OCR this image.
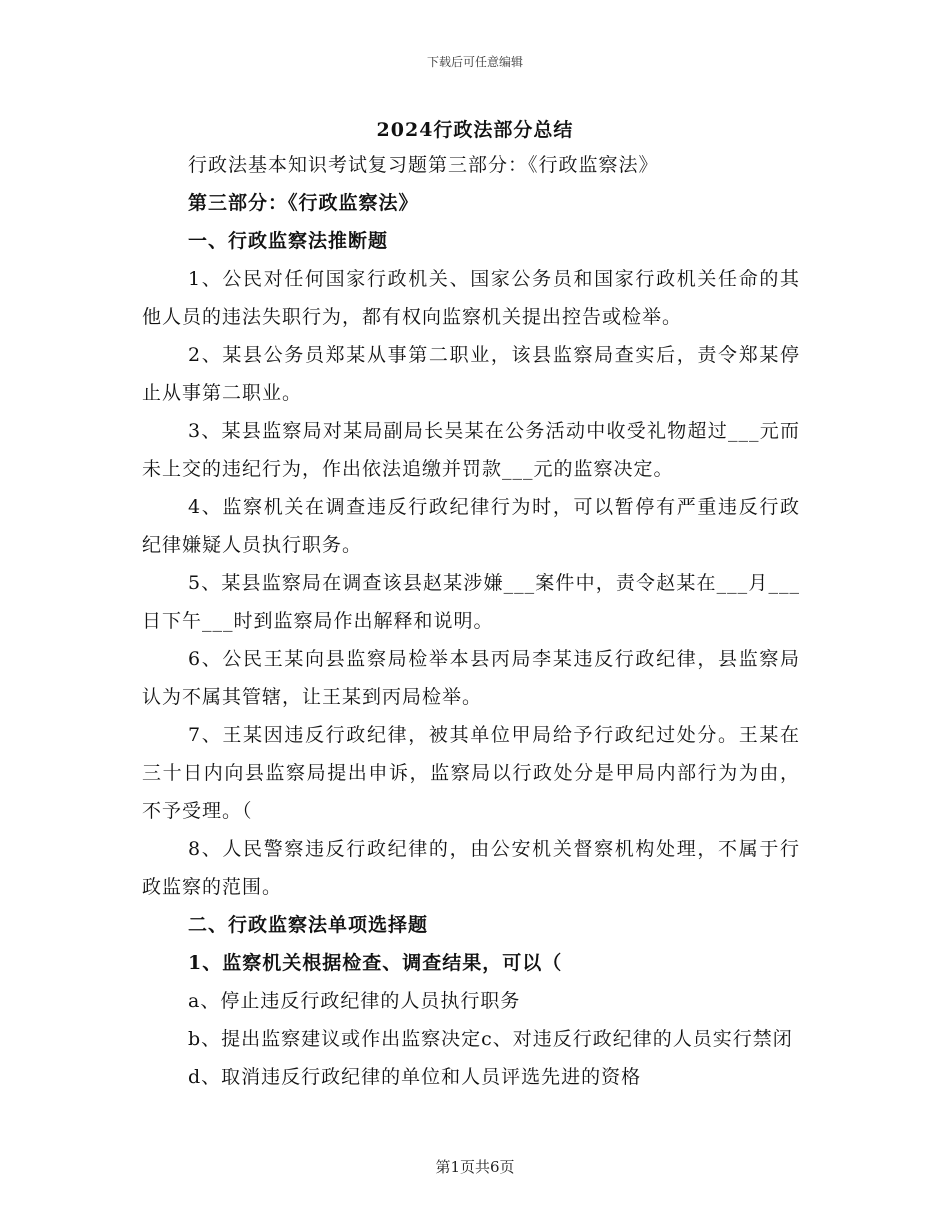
下载后可任意编辑
2024行政法部分总结

行政法基本知识考试复习题第三部分：《行政监察法》

第三部分：《行政监察法》

一、行政监察法推断题

1、公民对任何国家行政机关、国家公务员和国家行政机关任命的其他人员的违法失职行为，都有权向监察机关提出控告或检举。

2、某县公务员郑某从事第二职业，该县监察局查实后，责令郑某停止从事第二职业。

3、某县监察局对某局副局长吴某在公务活动中收受礼物超过___元而未上交的违纪行为，作出依法追缴并罚款___元的监察决定。

4、监察机关在调查违反行政纪律行为时，可以暂停有严重违反行政纪律嫌疑人员执行职务。

5、某县监察局在调查该县赵某涉嫌___案件中，责令赵某在___月___日下午___时到监察局作出解释和说明。

6、公民王某向县监察局检举本县丙局李某违反行政纪律，县监察局认为不属其管辖，让王某到丙局检举。

7、王某因违反行政纪律，被其单位甲局给予行政纪过处分。王某在三十日内向县监察局提出申诉，监察局以行政处分是甲局内部行为为由，不予受理。（

8、人民警察违反行政纪律的，由公安机关督察机构处理，不属于行政监察的范围。

二、行政监察法单项选择题

1、监察机关根据检查、调查结果，可以（

a、停止违反行政纪律的人员执行职务

b、提出监察建议或作出监察决定c、对违反行政纪律的人员实行禁闭

d、取消违反行政纪律的单位和人员评选先进的资格

第1页共6页
